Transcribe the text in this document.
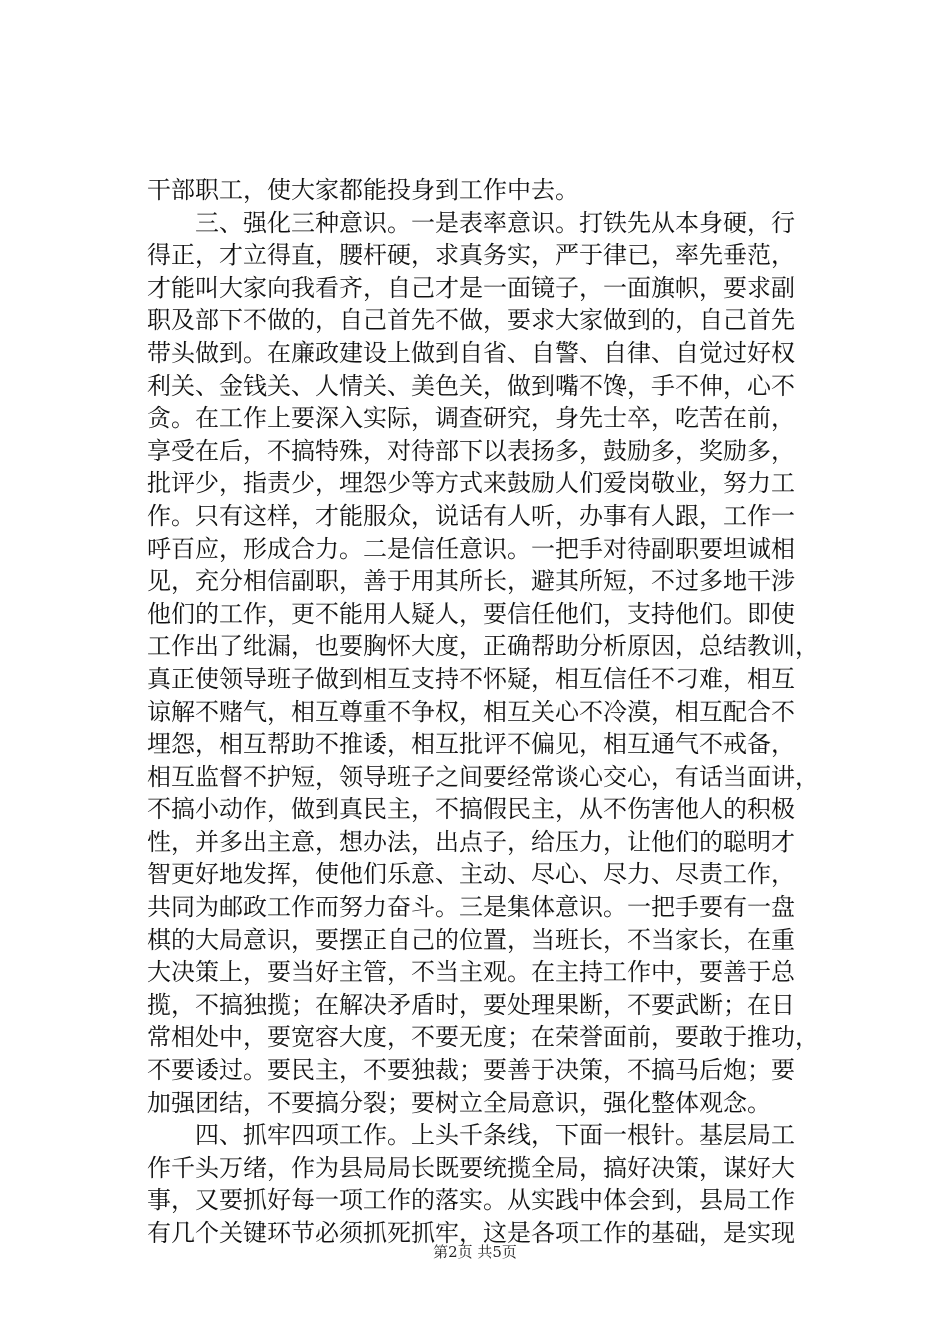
干部职工，使大家都能投身到工作中去。
三、强化三种意识。一是表率意识。打铁先从本身硬，行
得正，才立得直，腰杆硬，求真务实，严于律已，率先垂范，
才能叫大家向我看齐，自己才是一面镜子，一面旗帜，要求副
职及部下不做的，自己首先不做，要求大家做到的，自己首先
带头做到。在廉政建设上做到自省、自警、自律、自觉过好权
利关、金钱关、人情关、美色关，做到嘴不馋，手不伸，心不
贪。在工作上要深入实际，调查研究，身先士卒，吃苦在前，
享受在后，不搞特殊，对待部下以表扬多，鼓励多，奖励多，
批评少，指责少，埋怨少等方式来鼓励人们爱岗敬业，努力工
作。只有这样，才能服众，说话有人听，办事有人跟，工作一
呼百应，形成合力。二是信任意识。一把手对待副职要坦诚相
见，充分相信副职，善于用其所长，避其所短，不过多地干涉
他们的工作，更不能用人疑人，要信任他们，支持他们。即使
工作出了纰漏，也要胸怀大度，正确帮助分析原因，总结教训，
真正使领导班子做到相互支持不怀疑，相互信任不刁难，相互
谅解不赌气，相互尊重不争权，相互关心不冷漠，相互配合不
埋怨，相互帮助不推诿，相互批评不偏见，相互通气不戒备，
相互监督不护短，领导班子之间要经常谈心交心，有话当面讲，
不搞小动作，做到真民主，不搞假民主，从不伤害他人的积极
性，并多出主意，想办法，出点子，给压力，让他们的聪明才
智更好地发挥，使他们乐意、主动、尽心、尽力、尽责工作，
共同为邮政工作而努力奋斗。三是集体意识。一把手要有一盘
棋的大局意识，要摆正自己的位置，当班长，不当家长，在重
大决策上，要当好主管，不当主观。在主持工作中，要善于总
揽，不搞独揽；在解决矛盾时，要处理果断，不要武断；在日
常相处中，要宽容大度，不要无度；在荣誉面前，要敢于推功，
不要诿过。要民主，不要独裁；要善于决策，不搞马后炮；要
加强团结，不要搞分裂；要树立全局意识，强化整体观念。
四、抓牢四项工作。上头千条线，下面一根针。基层局工
作千头万绪，作为县局局长既要统揽全局，搞好决策，谋好大
事，又要抓好每一项工作的落实。从实践中体会到，县局工作
有几个关键环节必须抓死抓牢，这是各项工作的基础，是实现
第2页 共5页
